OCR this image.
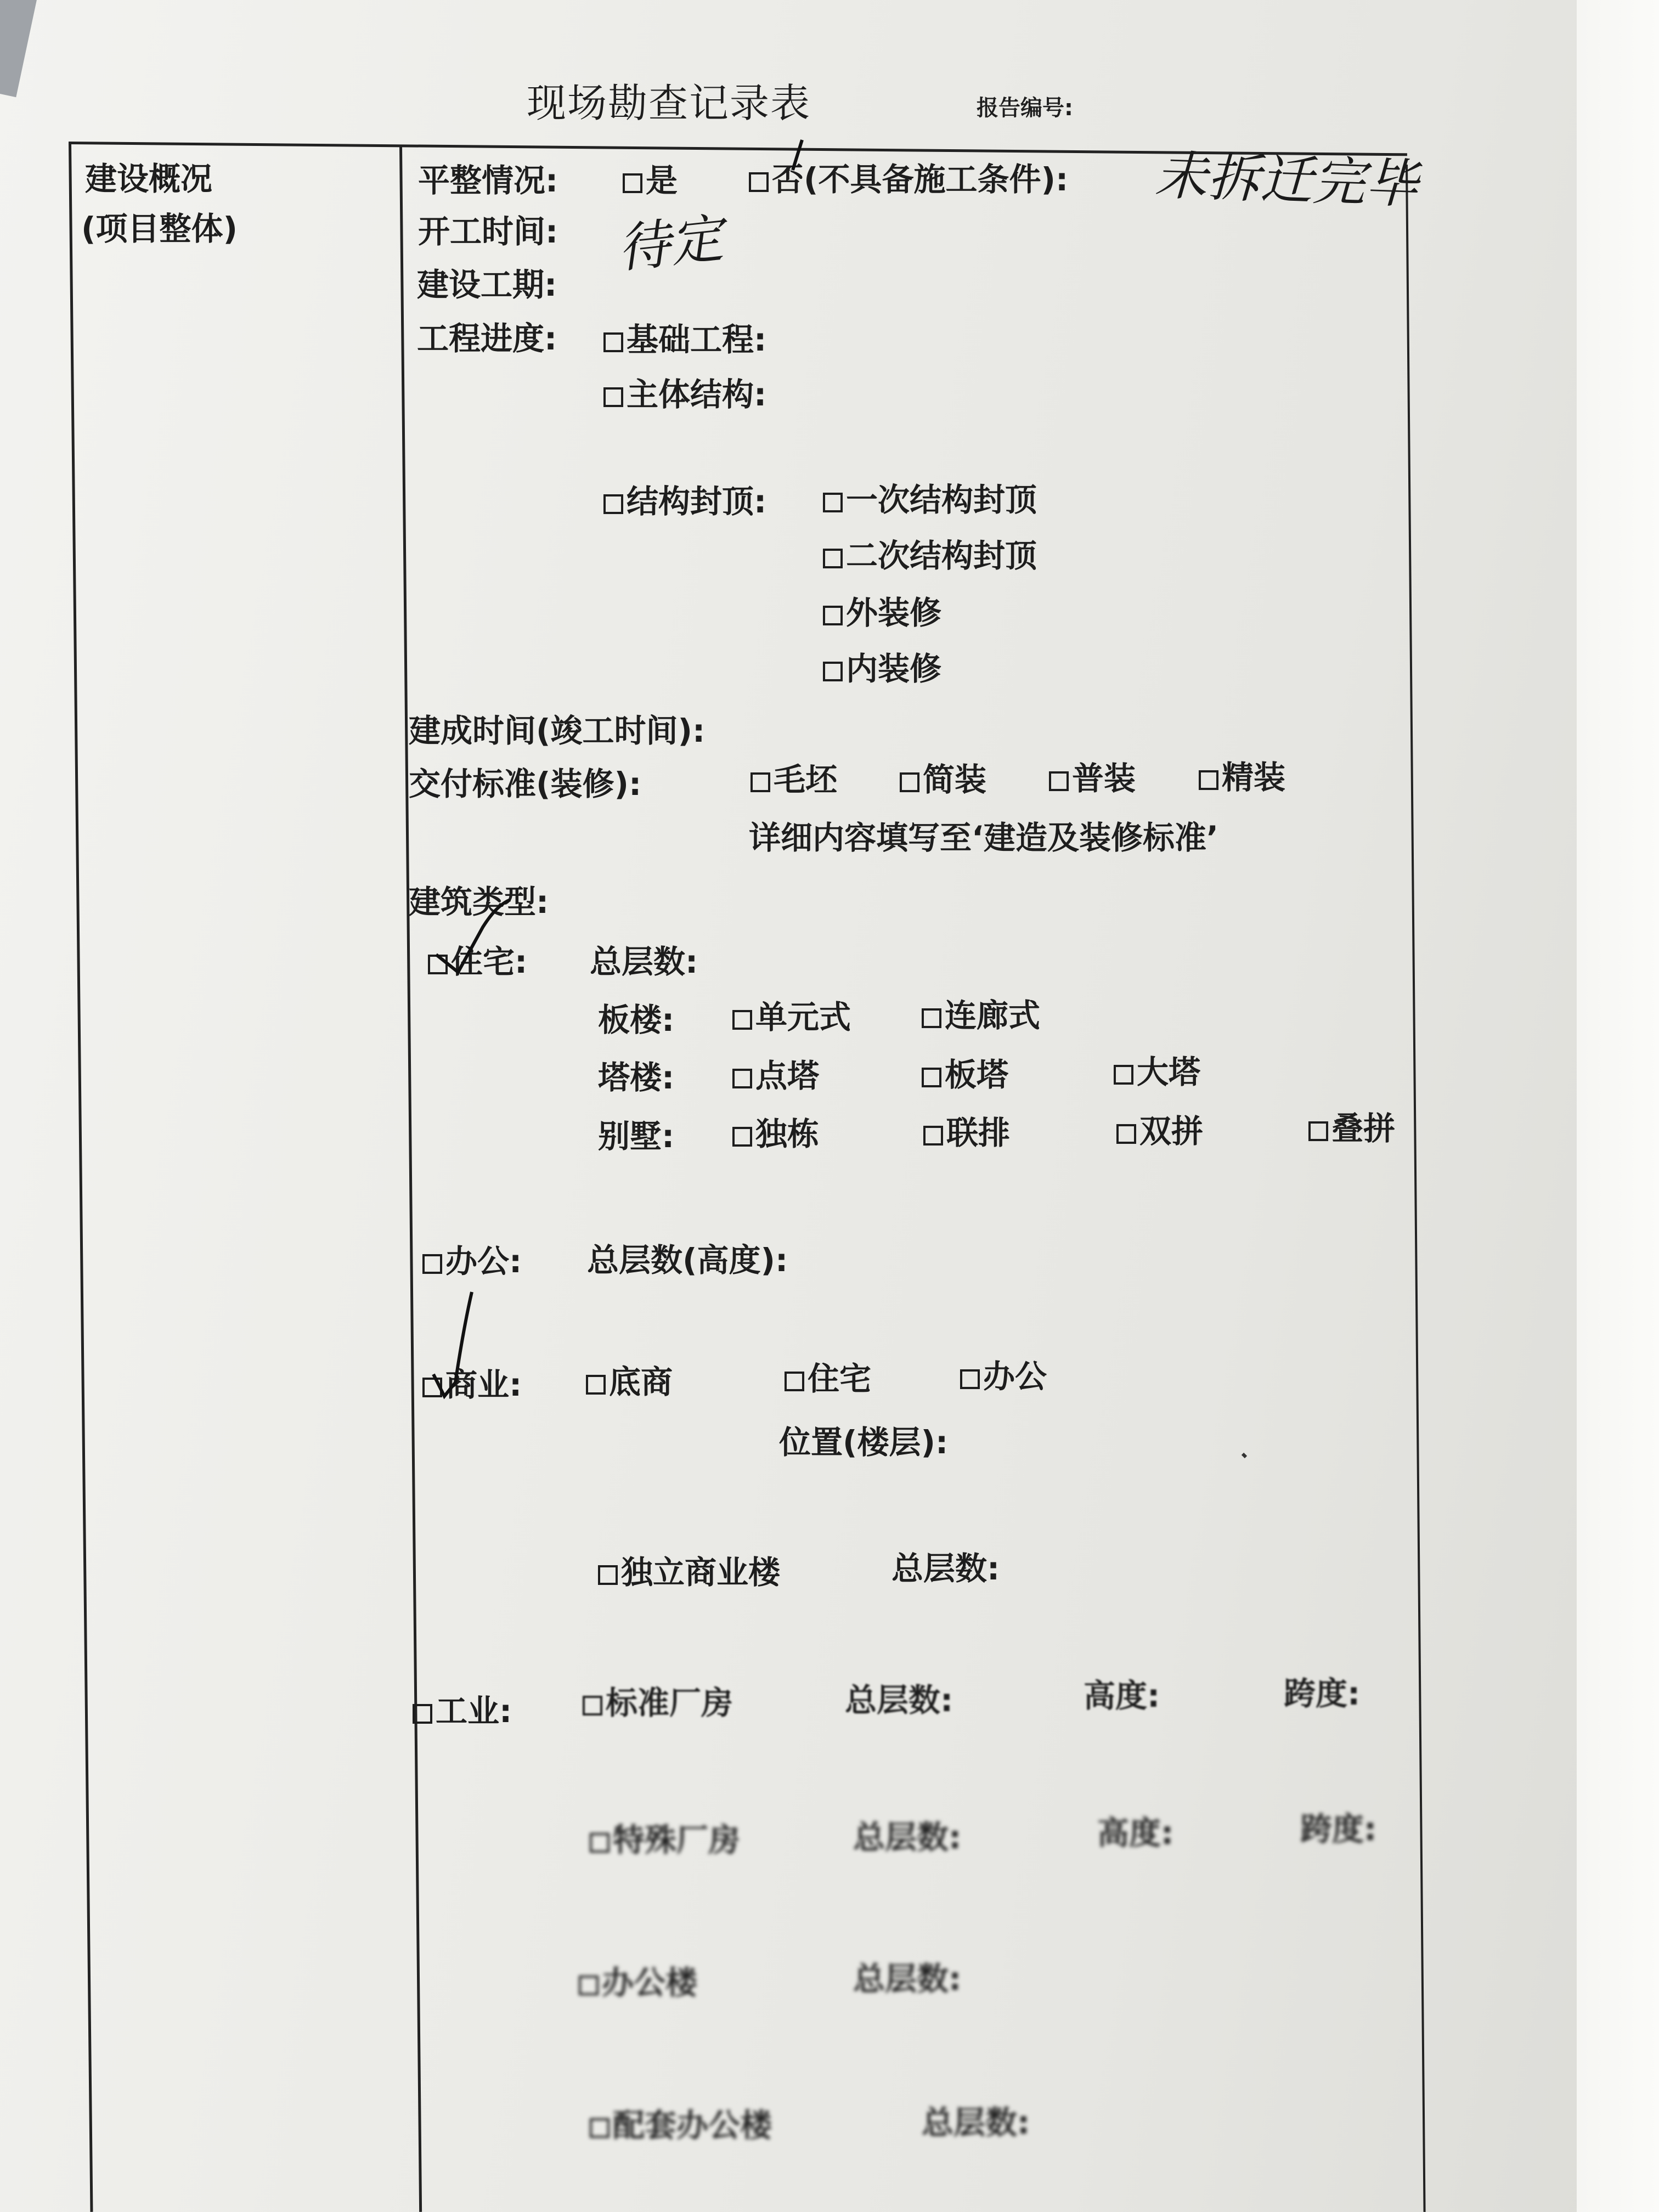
现场勘查记录表	报告编号:
建设概况
(项目整体)
平整情况:	是	否(不具备施工条件): 未拆迁完毕
开工时间: 待定
建设工期:
工程进度:	基础工程:
主体结构:
结构封顶:	一次结构封顶
二次结构封顶
外装修
内装修
建成时间(竣工时间):
交付标准(装修):	毛坯	简装	普装	精装
详细内容填写至‘建造及装修标准’
建筑类型:
住宅: 总层数:
板楼:	单元式	连廊式
塔楼:	点塔	板塔	大塔
别墅:	独栋	联排	双拼	叠拼
办公: 总层数(高度):
商业:	底商	住宅	办公
位置(楼层):
独立商业楼	总层数:
工业:	标准厂房	总层数:	高度:	跨度:
特殊厂房	总层数:	高度:	跨度:
办公楼	总层数:
配套办公楼	总层数:
